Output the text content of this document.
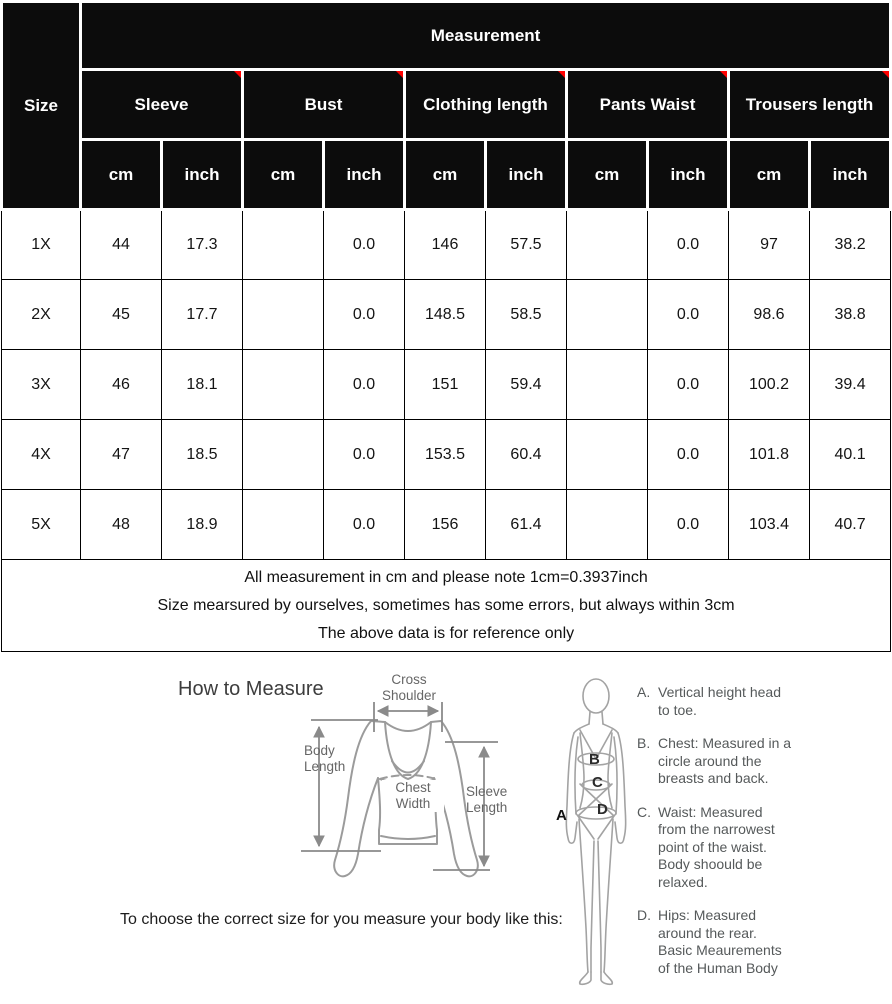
Size	Measurement									
	Sleeve		Bust		Clothing length		Pants Waist		Trousers length	

	cm	inch	cm	inch	cm	inch	cm	inch	cm	inch
1X	44	17.3		0.0	146	57.5		0.0	97	38.2
2X	45	17.7		0.0	148.5	58.5		0.0	98.6	38.8
3X	46	18.1		0.0	151	59.4		0.0	100.2	39.4
4X	47	18.5		0.0	153.5	60.4		0.0	101.8	40.1
5X	48	18.9		0.0	156	61.4		0.0	103.4	40.7

All measurement in cm and please note 1cm=0.3937inch
Size mearsured by ourselves, sometimes has some errors, but always within 3cm
The above data is for reference only										
How to Measure	Cross Shoulder
Body Length
Chest Width
Sleeve Length	A
B
C
D
A. Vertical height head
to toe.
B. Chest: Measured in a
circle around the
breasts and back.
C. Waist: Measured
from the narrowest
point of the waist.
Body shoould be
relaxed.
D. Hips: Measured
around the rear.
Basic Meaurements
of the Human Body
To choose the correct size for you measure your body like this:
